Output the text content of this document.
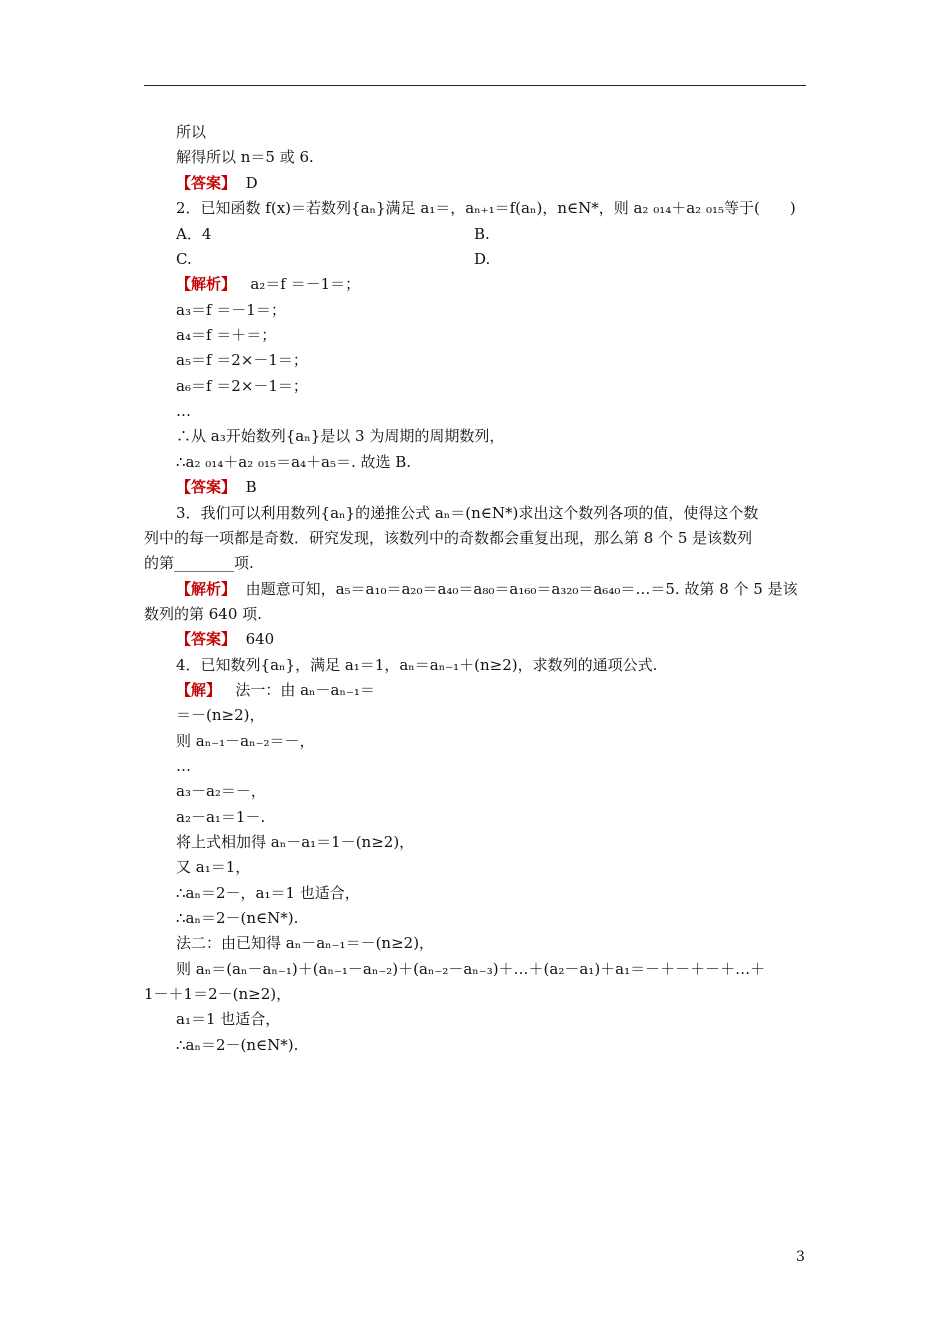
所以
解得所以 n＝5 或 6.
【答案】 D
2．已知函数 f(x)＝若数列{aₙ}满足 a₁＝，aₙ₊₁＝f(aₙ)，n∈N*，则 a₂ ₀₁₄＋a₂ ₀₁₅等于(　　)
A．4	B.
C.	D.
【解析】 a₂＝f ＝－1＝；
a₃＝f ＝－1＝；
a₄＝f ＝＋＝；
a₅＝f ＝2×－1＝；
a₆＝f ＝2×－1＝；
…
∴从 a₃开始数列{aₙ}是以 3 为周期的周期数列，
∴a₂ ₀₁₄＋a₂ ₀₁₅＝a₄＋a₅＝. 故选 B.
【答案】 B
3．我们可以利用数列{aₙ}的递推公式 aₙ＝(n∈N*)求出这个数列各项的值，使得这个数
列中的每一项都是奇数．研究发现，该数列中的奇数都会重复出现，那么第 8 个 5 是该数列
的第________项.
【解析】 由题意可知，a₅＝a₁₀＝a₂₀＝a₄₀＝a₈₀＝a₁₆₀＝a₃₂₀＝a₆₄₀＝…＝5. 故第 8 个 5 是该
数列的第 640 项.
【答案】 640
4．已知数列{aₙ}，满足 a₁＝1，aₙ＝aₙ₋₁＋(n≥2)，求数列的通项公式.
【解】 法一：由 aₙ－aₙ₋₁＝
＝－(n≥2)，
则 aₙ₋₁－aₙ₋₂＝－，
…
a₃－a₂＝－，
a₂－a₁＝1－.
将上式相加得 aₙ－a₁＝1－(n≥2)，
又 a₁＝1，
∴aₙ＝2－，a₁＝1 也适合，
∴aₙ＝2－(n∈N*).
法二：由已知得 aₙ－aₙ₋₁＝－(n≥2)，
则 aₙ＝(aₙ－aₙ₋₁)＋(aₙ₋₁－aₙ₋₂)＋(aₙ₋₂－aₙ₋₃)＋…＋(a₂－a₁)＋a₁＝－＋－＋－＋…＋
1－＋1＝2－(n≥2)，
a₁＝1 也适合，
∴aₙ＝2－(n∈N*).
3
